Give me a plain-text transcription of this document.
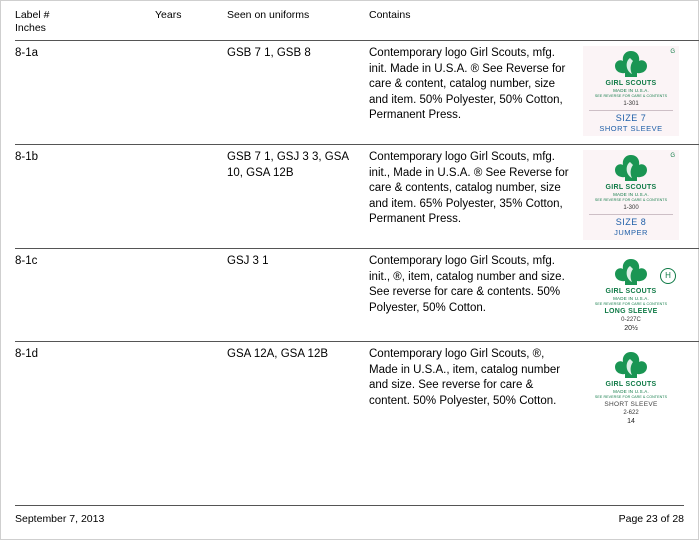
Label #
Inches	Years	Seen on uniforms	Contains	
8-1a		GSB 7 1, GSB 8	Contemporary logo Girl Scouts, mfg. init. Made in U.S.A. ® See Reverse for care & content, catalog number, size and item. 50% Polyester, 50% Cotton, Permanent Press.	
G
GIRL SCOUTS
MADE IN U.S.A.
SEE REVERSE FOR CARE & CONTENTS
1-301
SIZE 7
SHORT SLEEVE

8-1b		GSB 7 1, GSJ 3 3, GSA 10, GSA 12B	Contemporary logo Girl Scouts, mfg. init., Made in U.S.A. ® See Reverse for care & contents, catalog number, size and item. 65% Polyester, 35% Cotton, Permanent Press.	
G
GIRL SCOUTS
MADE IN U.S.A.
SEE REVERSE FOR CARE & CONTENTS
1-300
SIZE 8
JUMPER

8-1c		GSJ 3 1	Contemporary logo Girl Scouts, mfg. init., ®, item, catalog number and size. See reverse for care & contents. 50% Polyester, 50% Cotton.	
H
GIRL SCOUTS
MADE IN U.S.A.
SEE REVERSE FOR CARE & CONTENTS
LONG SLEEVE
0-227C
20½

8-1d		GSA 12A, GSA 12B	Contemporary logo Girl Scouts, ®, Made in U.S.A., item, catalog number and size. See reverse for care & content. 50% Polyester, 50% Cotton.	
GIRL SCOUTS
MADE IN U.S.A.
SEE REVERSE FOR CARE & CONTENTS
SHORT SLEEVE
2-622
14
September 7, 2013	Page 23 of 28
